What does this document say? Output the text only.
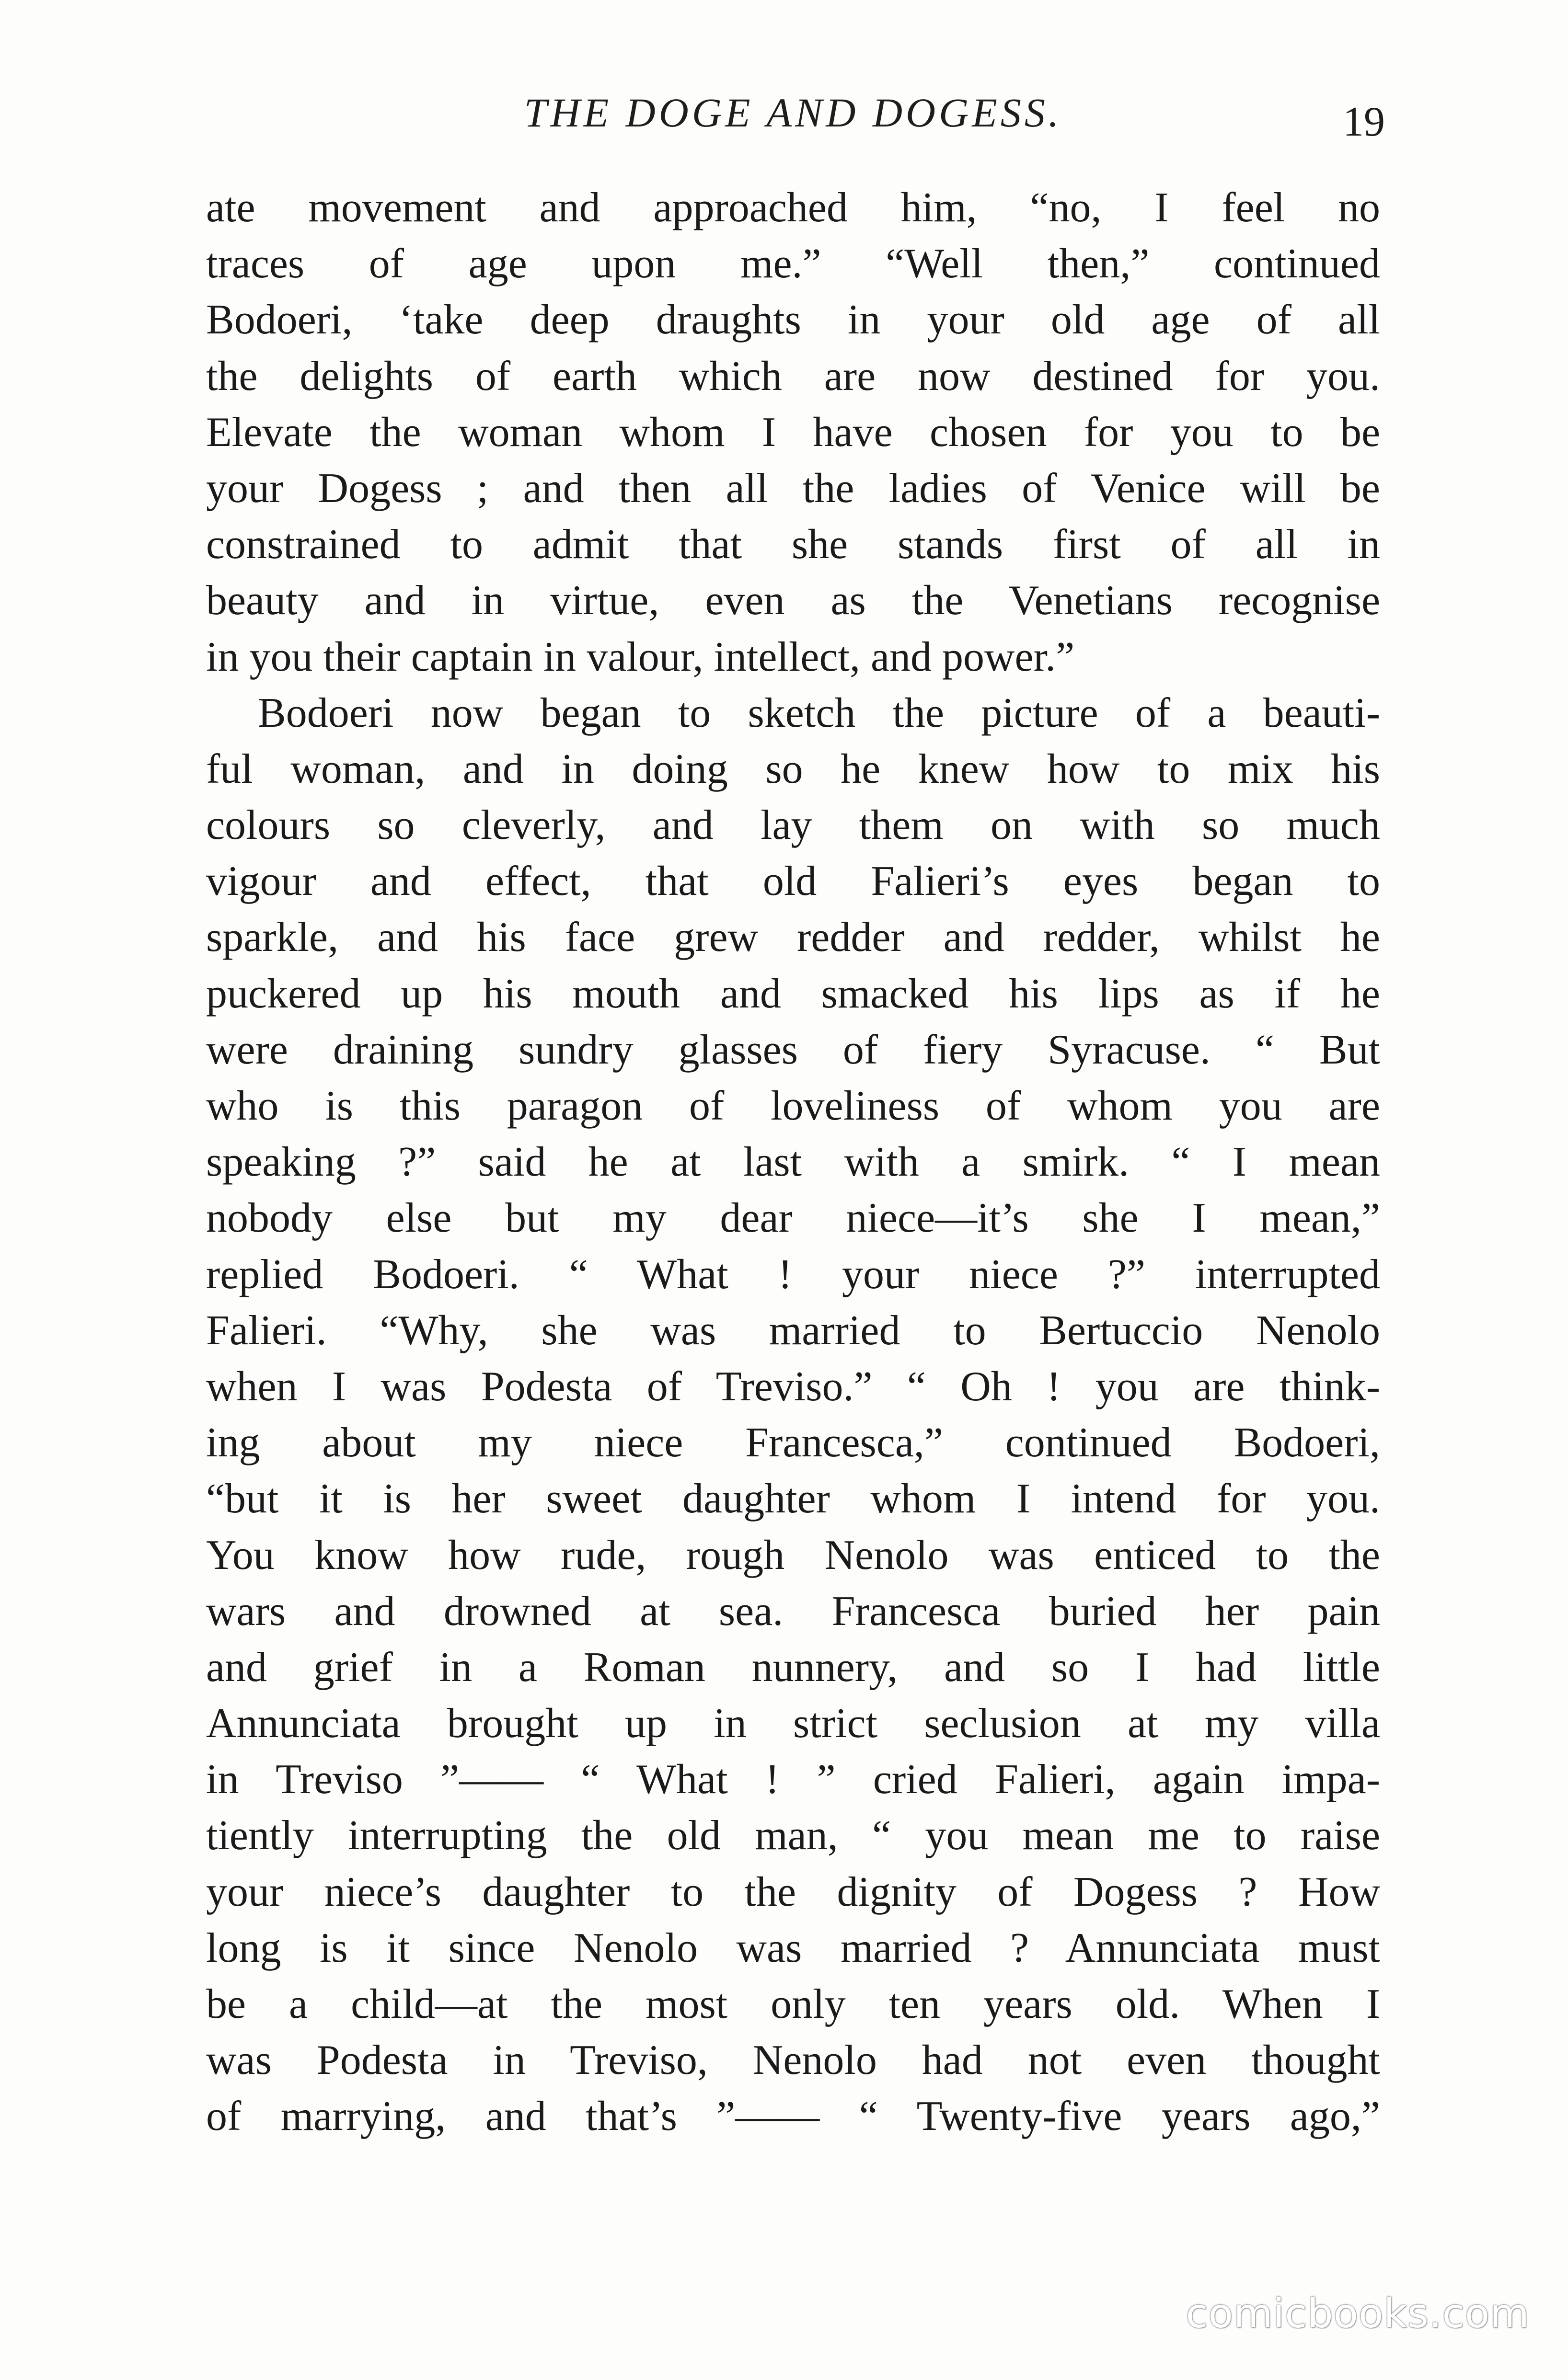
THE DOGE AND DOGESS.	19
ate movement and approached him, “no, I feel no
traces of age upon me.” “Well then,” continued
Bodoeri, ‘take deep draughts in your old age of all
the delights of earth which are now destined for you.
Elevate the woman whom I have chosen for you to be
your Dogess ; and then all the ladies of Venice will be
constrained to admit that she stands first of all in
beauty and in virtue, even as the Venetians recognise
in you their captain in valour, intellect, and power.”
Bodoeri now began to sketch the picture of a beauti-
ful woman, and in doing so he knew how to mix his
colours so cleverly, and lay them on with so much
vigour and effect, that old Falieri’s eyes began to
sparkle, and his face grew redder and redder, whilst he
puckered up his mouth and smacked his lips as if he
were draining sundry glasses of fiery Syracuse. “ But
who is this paragon of loveliness of whom you are
speaking ?” said he at last with a smirk. “ I mean
nobody else but my dear niece—it’s she I mean,”
replied Bodoeri. “ What ! your niece ?” interrupted
Falieri. “Why, she was married to Bertuccio Nenolo
when I was Podesta of Treviso.” “ Oh ! you are think-
ing about my niece Francesca,” continued Bodoeri,
“but it is her sweet daughter whom I intend for you.
You know how rude, rough Nenolo was enticed to the
wars and drowned at sea. Francesca buried her pain
and grief in a Roman nunnery, and so I had little
Annunciata brought up in strict seclusion at my villa
in Treviso ”—— “ What ! ” cried Falieri, again impa-
tiently interrupting the old man, “ you mean me to raise
your niece’s daughter to the dignity of Dogess ? How
long is it since Nenolo was married ? Annunciata must
be a child—at the most only ten years old. When I
was Podesta in Treviso, Nenolo had not even thought
of marrying, and that’s ”—— “ Twenty-five years ago,”
comicbooks.com
